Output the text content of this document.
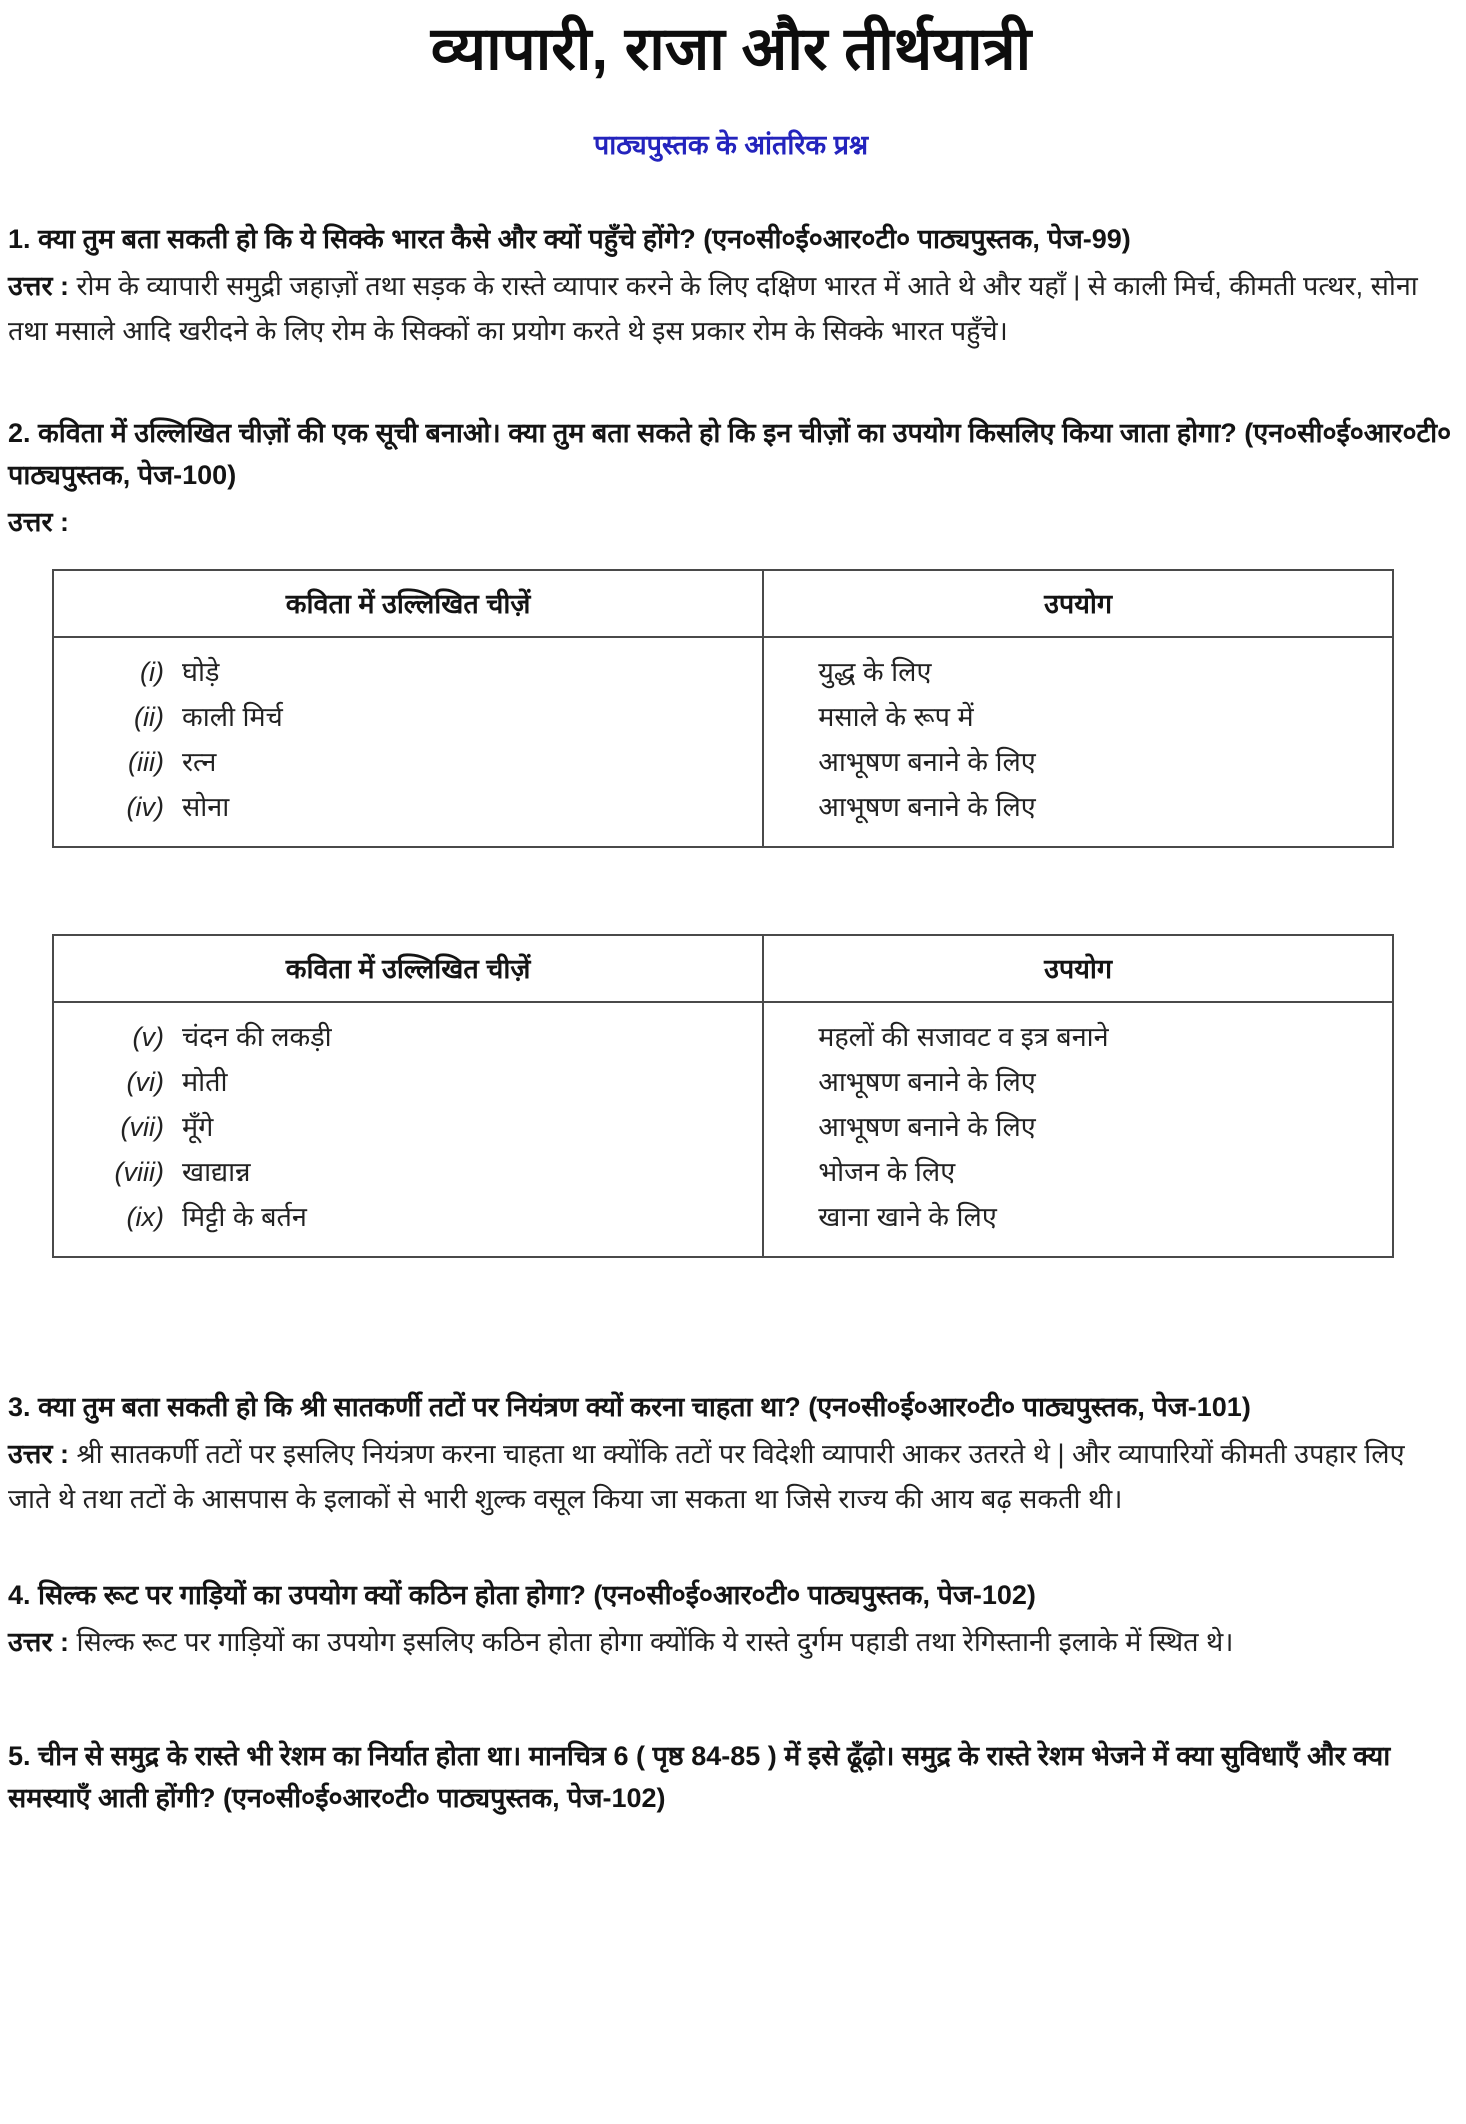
व्यापारी, राजा और तीर्थयात्री
पाठ्यपुस्तक के आंतरिक प्रश्न

1. क्या तुम बता सकती हो कि ये सिक्के भारत कैसे और क्यों पहुँचे होंगे? (एन०सी०ई०आर०टी० पाठ्यपुस्तक, पेज-99)

उत्तर : रोम के व्यापारी समुद्री जहाज़ों तथा सड़क के रास्ते व्यापार करने के लिए दक्षिण भारत में आते थे और यहाँ | से काली मिर्च, कीमती पत्थर, सोना तथा मसाले आदि खरीदने के लिए रोम के सिक्कों का प्रयोग करते थे इस प्रकार रोम के सिक्के भारत पहुँचे।

2. कविता में उल्लिखित चीज़ों की एक सूची बनाओ। क्या तुम बता सकते हो कि इन चीज़ों का उपयोग किसलिए किया जाता होगा? (एन०सी०ई०आर०टी० पाठ्यपुस्तक, पेज-100)

उत्तर :

कविता में उल्लिखित चीज़ें	उपयोग
(i) घोड़े	युद्ध के लिए
(ii) काली मिर्च	मसाले के रूप में
(iii) रत्न	आभूषण बनाने के लिए
(iv) सोना	आभूषण बनाने के लिए
कविता में उल्लिखित चीज़ें	उपयोग
(v) चंदन की लकड़ी	महलों की सजावट व इत्र बनाने
(vi) मोती	आभूषण बनाने के लिए
(vii) मूँगे	आभूषण बनाने के लिए
(viii) खाद्यान्न	भोजन के लिए
(ix) मिट्टी के बर्तन	खाना खाने के लिए

3. क्या तुम बता सकती हो कि श्री सातकर्णी तटों पर नियंत्रण क्यों करना चाहता था? (एन०सी०ई०आर०टी० पाठ्यपुस्तक, पेज-101)

उत्तर : श्री सातकर्णी तटों पर इसलिए नियंत्रण करना चाहता था क्योंकि तटों पर विदेशी व्यापारी आकर उतरते थे | और व्यापारियों कीमती उपहार लिए जाते थे तथा तटों के आसपास के इलाकों से भारी शुल्क वसूल किया जा सकता था जिसे राज्य की आय बढ़ सकती थी।

4. सिल्क रूट पर गाड़ियों का उपयोग क्यों कठिन होता होगा? (एन०सी०ई०आर०टी० पाठ्यपुस्तक, पेज-102)

उत्तर : सिल्क रूट पर गाड़ियों का उपयोग इसलिए कठिन होता होगा क्योंकि ये रास्ते दुर्गम पहाडी तथा रेगिस्तानी इलाके में स्थित थे।

5. चीन से समुद्र के रास्ते भी रेशम का निर्यात होता था। मानचित्र 6 ( पृष्ठ 84-85 ) में इसे ढूँढ़ो। समुद्र के रास्ते रेशम भेजने में क्या सुविधाएँ और क्या समस्याएँ आती होंगी? (एन०सी०ई०आर०टी० पाठ्यपुस्तक, पेज-102)
